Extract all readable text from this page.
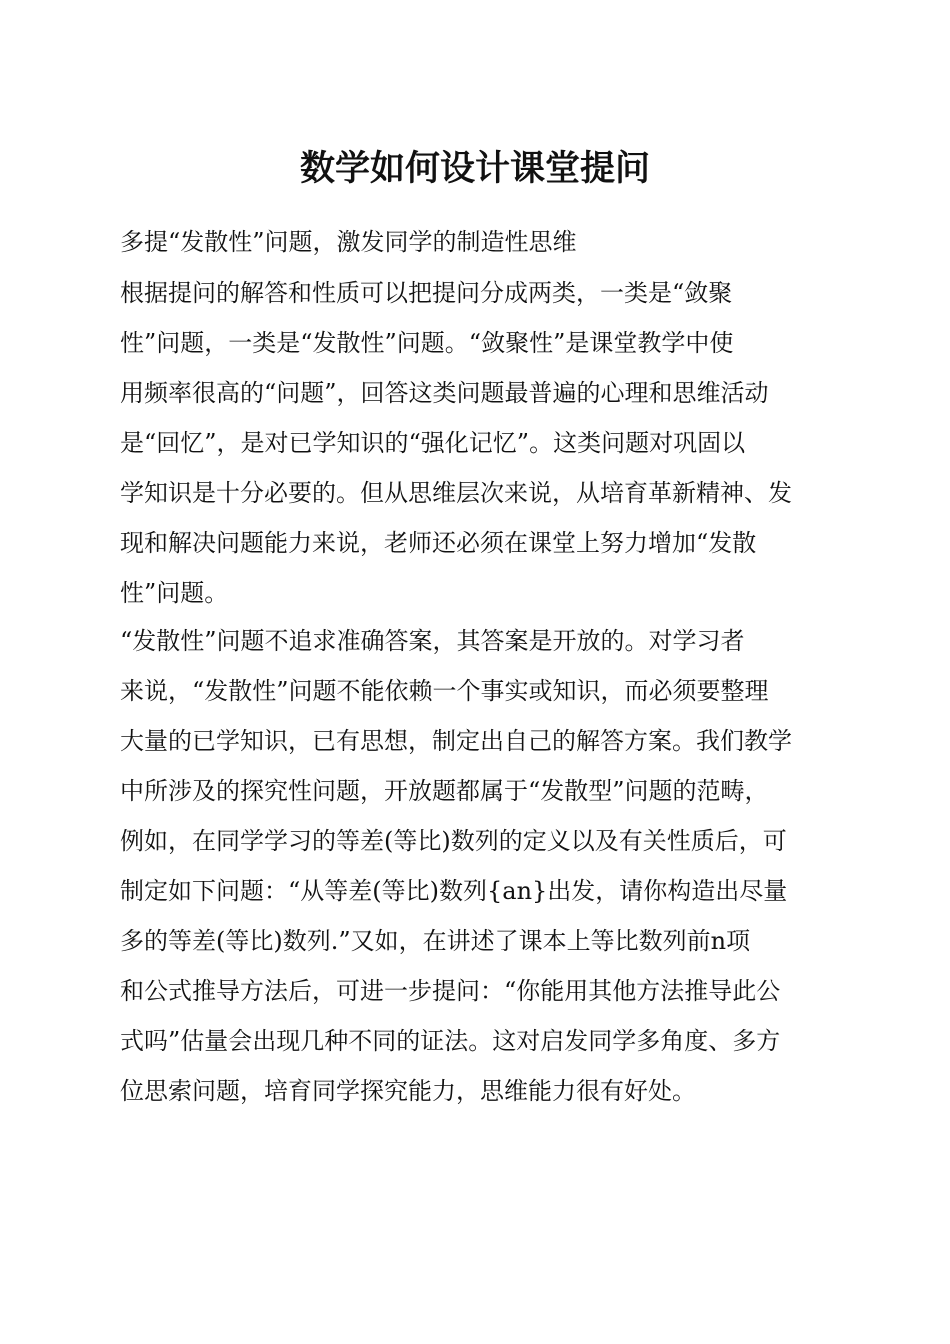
数学如何设计课堂提问

多提“发散性”问题，激发同学的制造性思维

根据提问的解答和性质可以把提问分成两类，一类是“敛聚
性”问题，一类是“发散性”问题。“敛聚性”是课堂教学中使
用频率很高的“问题”，回答这类问题最普遍的心理和思维活动
是“回忆”，是对已学知识的“强化记忆”。这类问题对巩固以
学知识是十分必要的。但从思维层次来说，从培育革新精神、发
现和解决问题能力来说，老师还必须在课堂上努力增加“发散
性”问题。
“发散性”问题不追求准确答案，其答案是开放的。对学习者
来说，“发散性”问题不能依赖一个事实或知识，而必须要整理
大量的已学知识，已有思想，制定出自己的解答方案。我们教学
中所涉及的探究性问题，开放题都属于“发散型”问题的范畴，
例如，在同学学习的等差(等比)数列的定义以及有关性质后，可
制定如下问题：“从等差(等比)数列{an}出发，请你构造出尽量
多的等差(等比)数列.”又如，在讲述了课本上等比数列前n项
和公式推导方法后，可进一步提问：“你能用其他方法推导此公
式吗”估量会出现几种不同的证法。这对启发同学多角度、多方
位思索问题，培育同学探究能力，思维能力很有好处。
